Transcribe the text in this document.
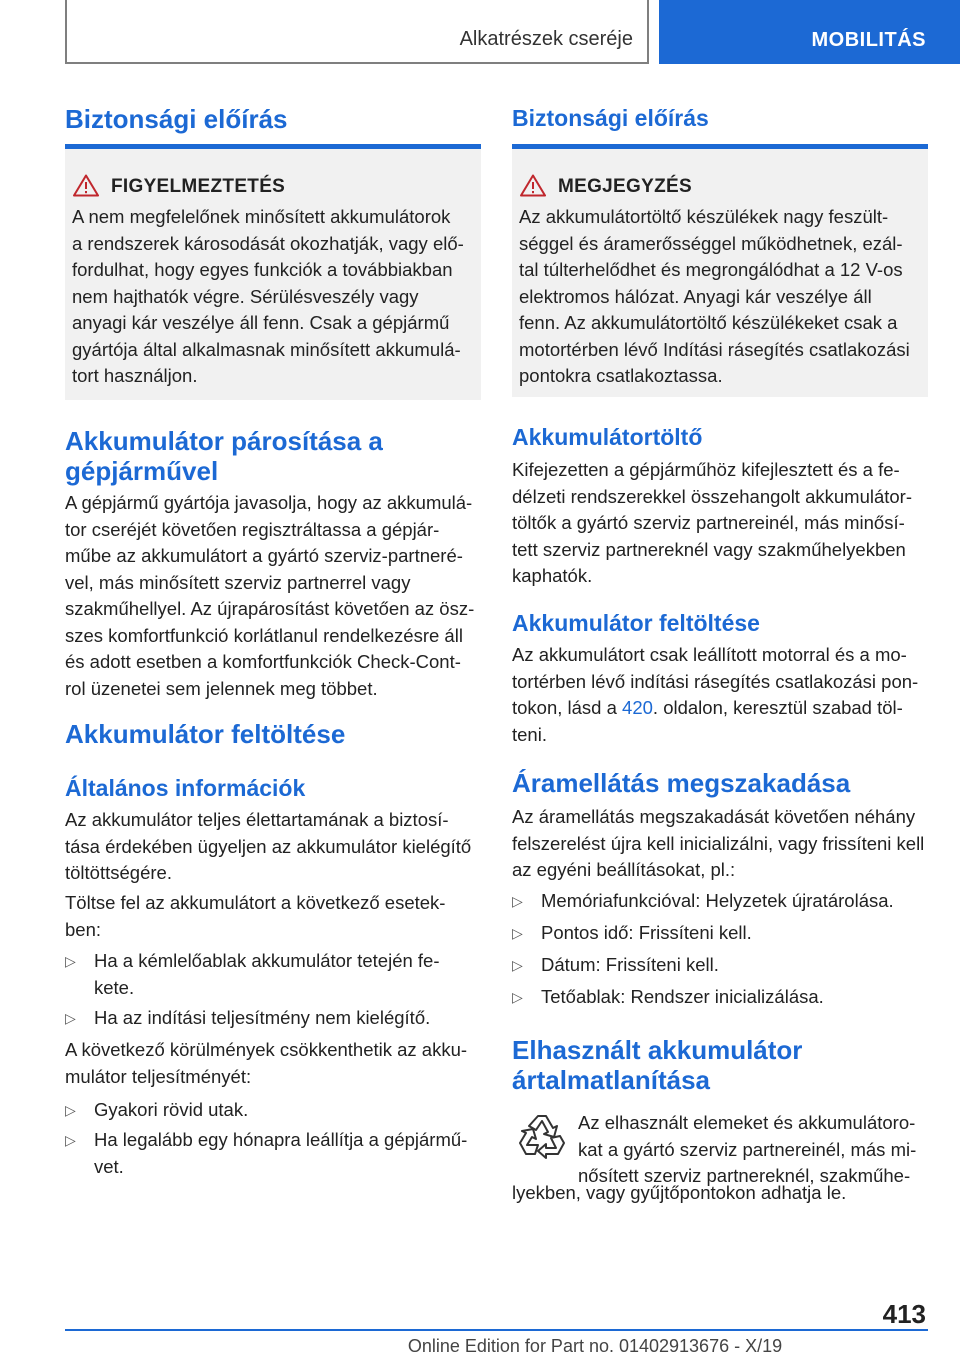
Alkatrészek cseréje	MOBILITÁS
Biztonsági előírás
FIGYELMEZTETÉS
A nem megfelelőnek minősített akkumulátorok
a rendszerek károsodását okozhatják, vagy elő-
fordulhat, hogy egyes funkciók a továbbiakban
nem hajthatók végre. Sérülésveszély vagy
anyagi kár veszélye áll fenn. Csak a gépjármű
gyártója által alkalmasnak minősített akkumulá-
tort használjon.
Akkumulátor párosítása a
gépjárművel
A gépjármű gyártója javasolja, hogy az akkumulá-
tor cseréjét követően regisztráltassa a gépjár-
műbe az akkumulátort a gyártó szerviz-partneré-
vel, más minősített szerviz partnerrel vagy
szakműhellyel. Az újrapárosítást követően az ösz-
szes komfortfunkció korlátlanul rendelkezésre áll
és adott esetben a komfortfunkciók Check-Cont-
rol üzenetei sem jelennek meg többet.
Akkumulátor feltöltése
Általános információk
Az akkumulátor teljes élettartamának a biztosí-
tása érdekében ügyeljen az akkumulátor kielégítő
töltöttségére.
Töltse fel az akkumulátort a következő esetek-
ben:
▷ Ha a kémlelőablak akkumulátor tetején fe-
kete.
▷ Ha az indítási teljesítmény nem kielégítő.
A következő körülmények csökkenthetik az akku-
mulátor teljesítményét:
▷ Gyakori rövid utak.
▷ Ha legalább egy hónapra leállítja a gépjármű-
vet.
Biztonsági előírás
MEGJEGYZÉS
Az akkumulátortöltő készülékek nagy feszült-
séggel és áramerősséggel működhetnek, ezál-
tal túlterhelődhet és megrongálódhat a 12 V-os
elektromos hálózat. Anyagi kár veszélye áll
fenn. Az akkumulátortöltő készülékeket csak a
motortérben lévő Indítási rásegítés csatlakozási
pontokra csatlakoztassa.
Akkumulátortöltő
Kifejezetten a gépjárműhöz kifejlesztett és a fe-
délzeti rendszerekkel összehangolt akkumulátor-
töltők a gyártó szerviz partnereinél, más minősí-
tett szerviz partnereknél vagy szakműhelyekben
kaphatók.
Akkumulátor feltöltése
Az akkumulátort csak leállított motorral és a mo-
tortérben lévő indítási rásegítés csatlakozási pon-
tokon, lásd a 420. oldalon, keresztül szabad töl-
teni.
Áramellátás megszakadása
Az áramellátás megszakadását követően néhány
felszerelést újra kell inicializálni, vagy frissíteni kell
az egyéni beállításokat, pl.:
▷ Memóriafunkcióval: Helyzetek újratárolása.
▷ Pontos idő: Frissíteni kell.
▷ Dátum: Frissíteni kell.
▷ Tetőablak: Rendszer inicializálása.
Elhasznált akkumulátor
ártalmatlanítása
Az elhasznált elemeket és akkumulátoro-
kat a gyártó szerviz partnereinél, más mi-
nősített szerviz partnereknél, szakműhe-
lyekben, vagy gyűjtőpontokon adhatja le.
413
Online Edition for Part no. 01402913676 - X/19
